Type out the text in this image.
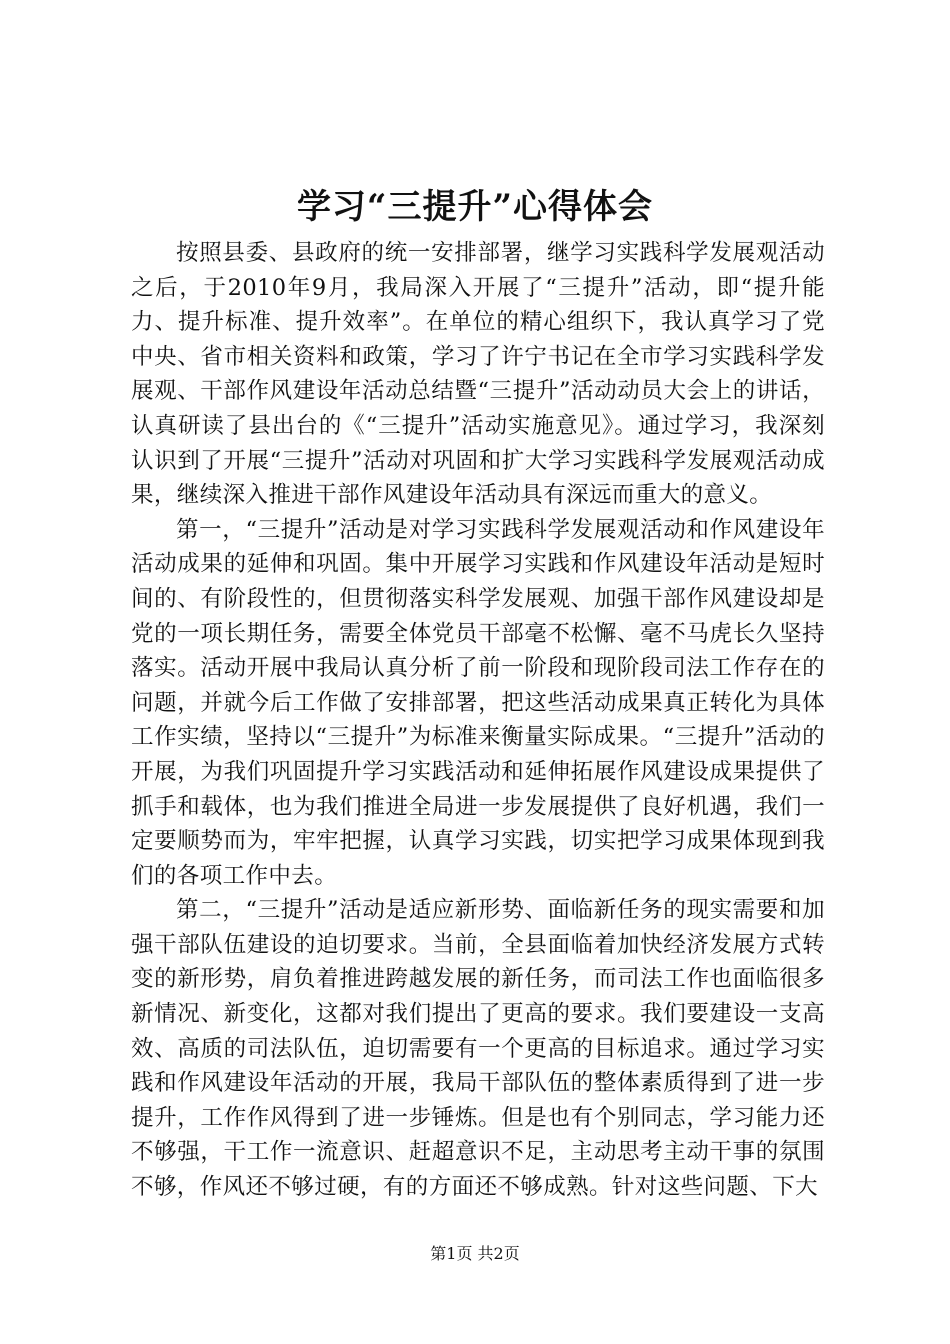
学习“三提升”心得体会

按照县委、县政府的统一安排部署，继学习实践科学发展观活动之后，于2010年9月，我局深入开展了“三提升”活动，即“提升能力、提升标准、提升效率”。在单位的精心组织下，我认真学习了党中央、省市相关资料和政策，学习了许宁书记在全市学习实践科学发展观、干部作风建设年活动总结暨“三提升”活动动员大会上的讲话，认真研读了县出台的《“三提升”活动实施意见》。通过学习，我深刻认识到了开展“三提升”活动对巩固和扩大学习实践科学发展观活动成果，继续深入推进干部作风建设年活动具有深远而重大的意义。

第一，“三提升”活动是对学习实践科学发展观活动和作风建设年活动成果的延伸和巩固。集中开展学习实践和作风建设年活动是短时间的、有阶段性的，但贯彻落实科学发展观、加强干部作风建设却是党的一项长期任务，需要全体党员干部毫不松懈、毫不马虎长久坚持落实。活动开展中我局认真分析了前一阶段和现阶段司法工作存在的问题，并就今后工作做了安排部署，把这些活动成果真正转化为具体工作实绩，坚持以“三提升”为标准来衡量实际成果。“三提升”活动的开展，为我们巩固提升学习实践活动和延伸拓展作风建设成果提供了抓手和载体，也为我们推进全局进一步发展提供了良好机遇，我们一定要顺势而为，牢牢把握，认真学习实践，切实把学习成果体现到我们的各项工作中去。

第二，“三提升”活动是适应新形势、面临新任务的现实需要和加强干部队伍建设的迫切要求。当前，全县面临着加快经济发展方式转变的新形势，肩负着推进跨越发展的新任务，而司法工作也面临很多新情况、新变化，这都对我们提出了更高的要求。我们要建设一支高效、高质的司法队伍，迫切需要有一个更高的目标追求。通过学习实践和作风建设年活动的开展，我局干部队伍的整体素质得到了进一步提升，工作作风得到了进一步锤炼。但是也有个别同志，学习能力还不够强，干工作一流意识、赶超意识不足，主动思考主动干事的氛围不够，作风还不够过硬，有的方面还不够成熟。针对这些问题、下大

第1页 共2页
